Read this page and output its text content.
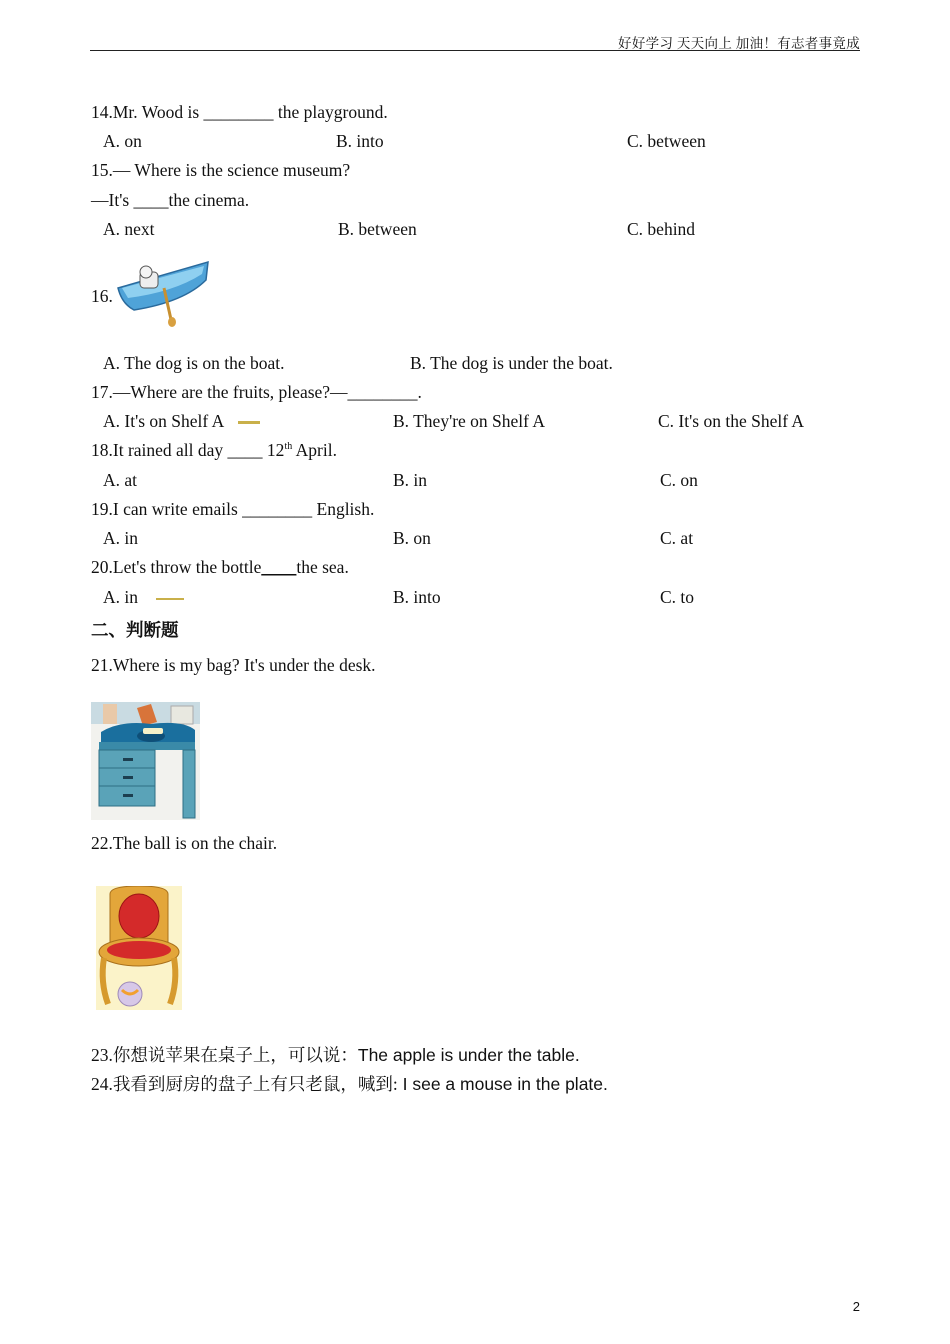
好好学习 天天向上 加油！有志者事竟成
14.Mr. Wood is ________ the playground.
A. on	B. into	C. between
15.— Where is the science museum?
—It's ____the cinema.
A. next	B. between	C. behind
16.
A. The dog is on the boat.	B. The dog is under the boat.
17.—Where are the fruits, please?—________.
A. It's on Shelf A	B. They're on Shelf A	C. It's on the Shelf A
18.It rained all day ____ 12th April.
A. at	B. in	C. on
19.I can write emails ________ English.
A. in	B. on	C. at
20.Let's throw the bottle____the sea.
A. in	B. into	C. to
二、判断题
21.Where is my bag? It's under the desk.
22.The ball is on the chair.
23.你想说苹果在桌子上，可以说：The apple is under the table.
24.我看到厨房的盘子上有只老鼠，喊到: I see a mouse in the plate.
2
